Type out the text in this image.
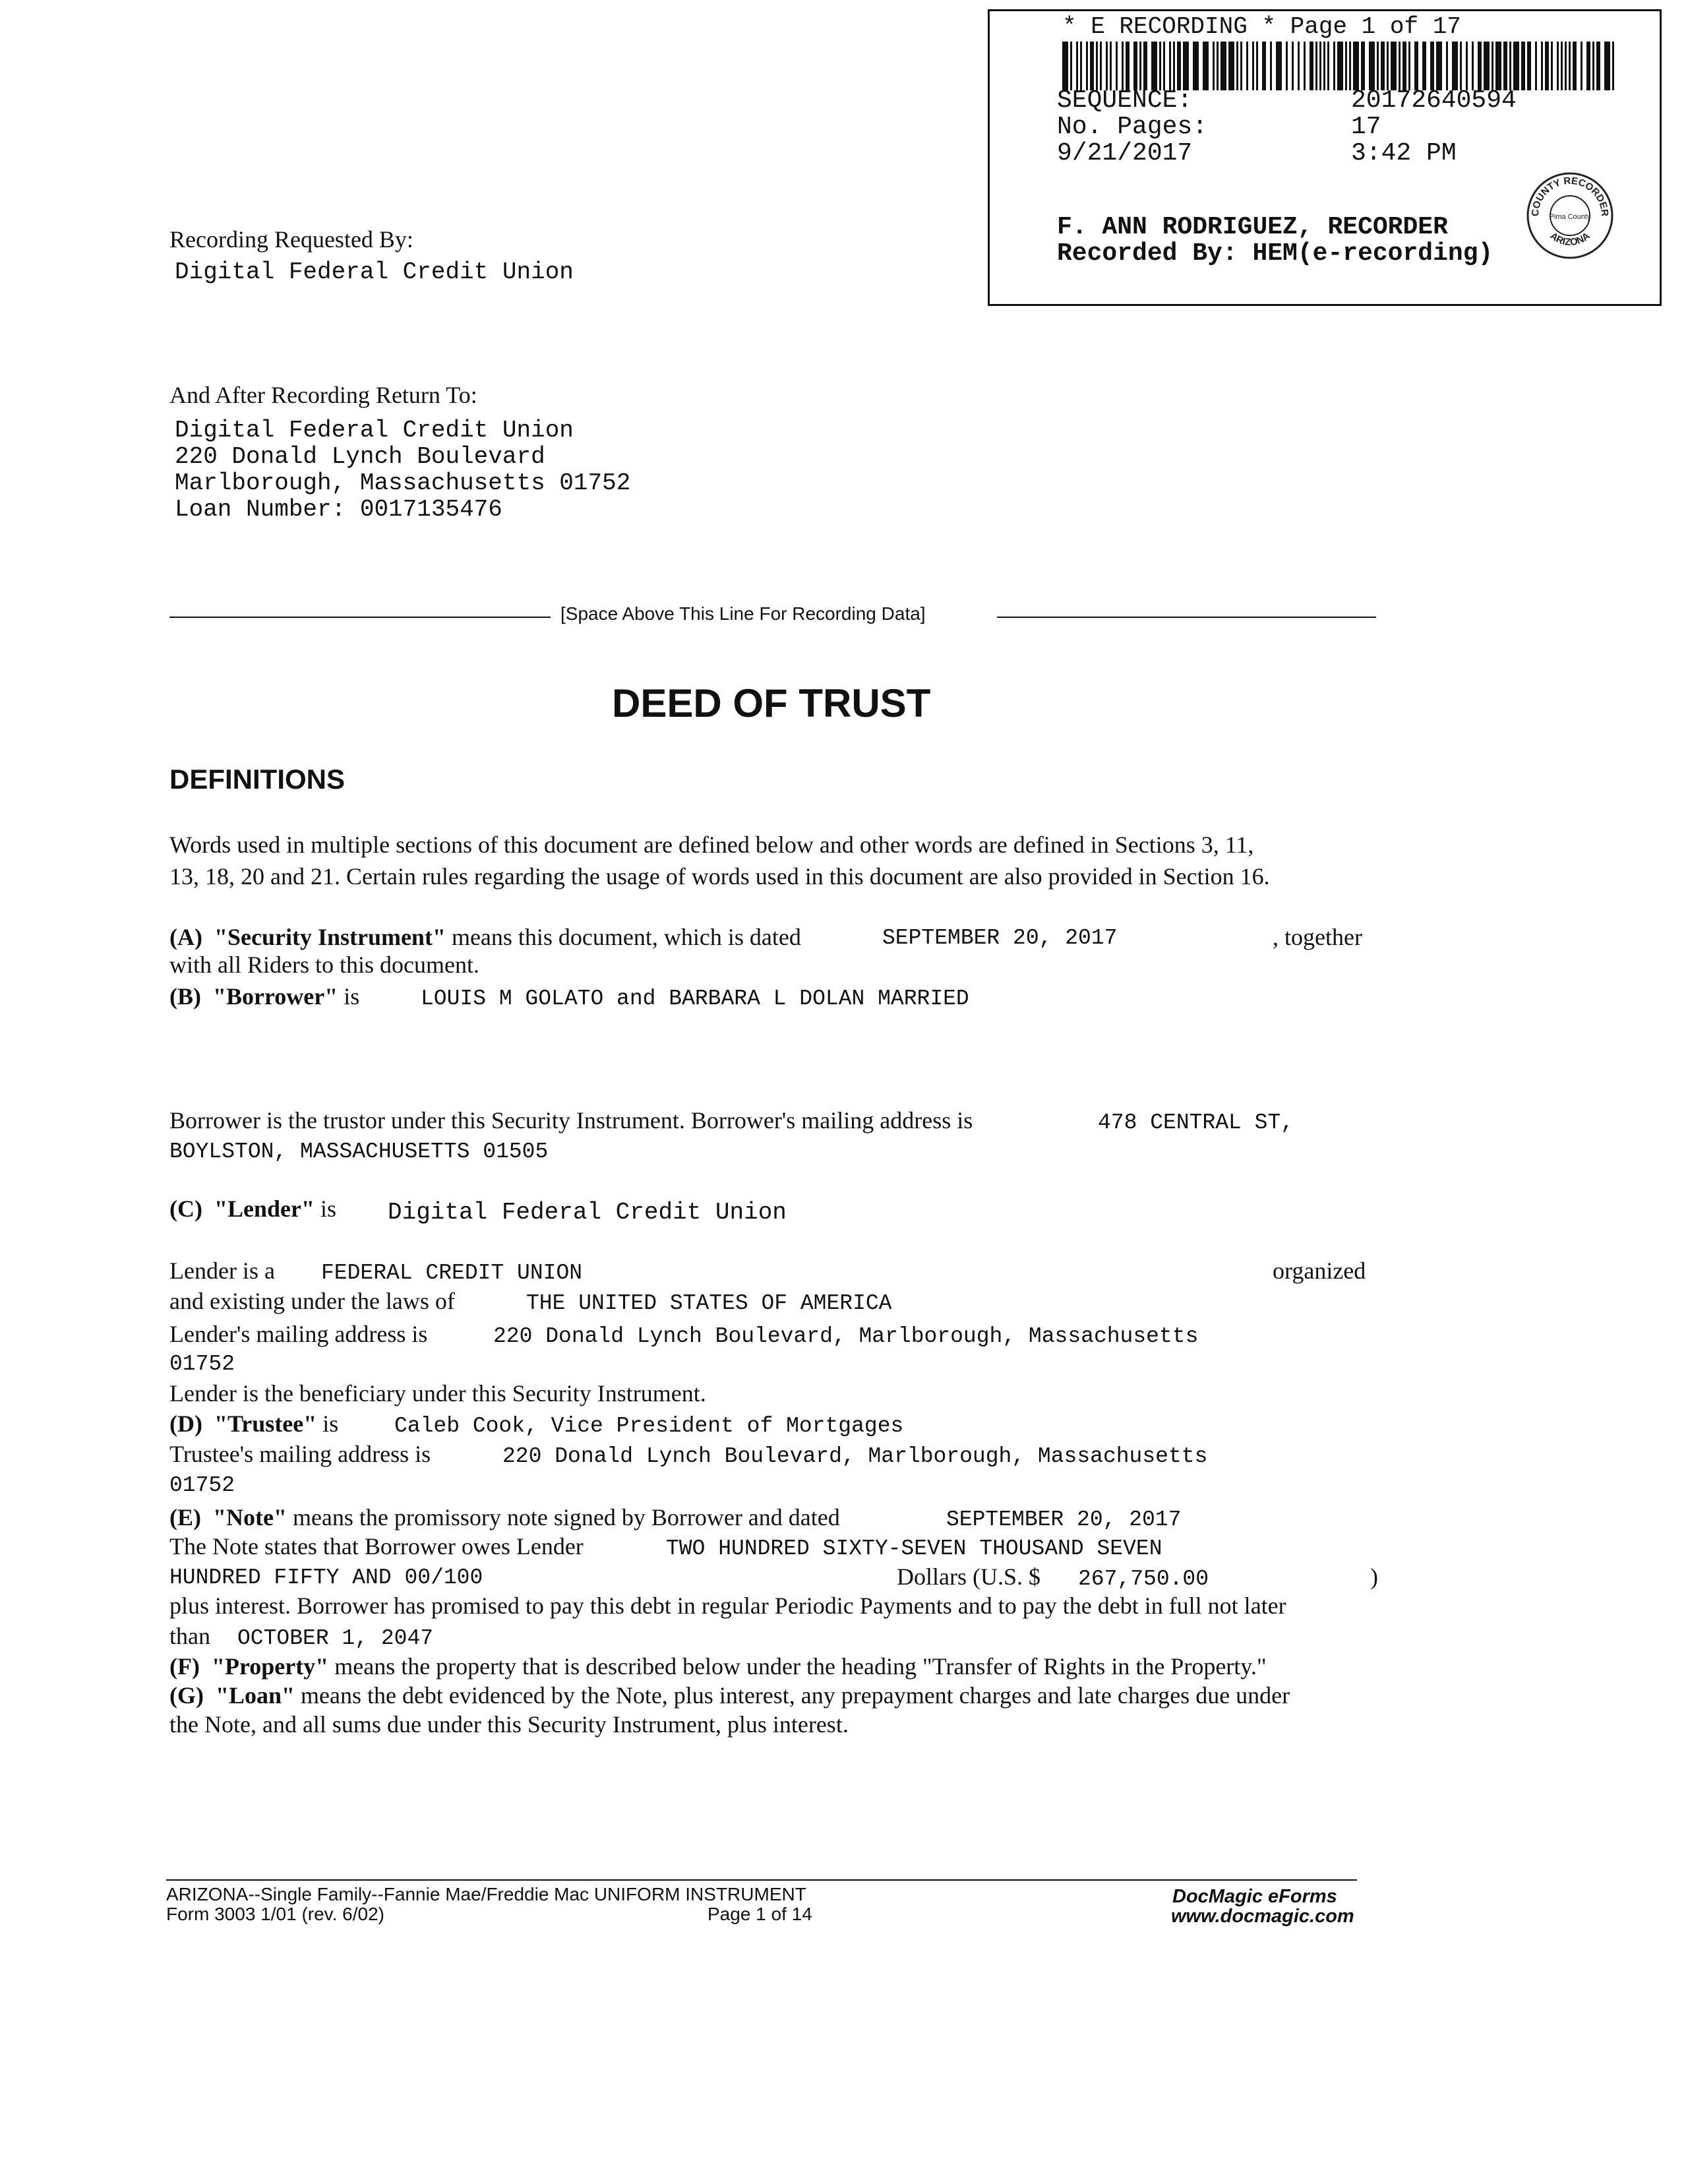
* E RECORDING * Page 1 of 17
SEQUENCE:	20172640594
No. Pages:	17
9/21/2017	3:42 PM
F. ANN RODRIGUEZ, RECORDER
Recorded By: HEM(e-recording)
COUNTY RECORDER
ARIZONA
Pima County
Recording Requested By:
Digital Federal Credit Union
And After Recording Return To:
Digital Federal Credit Union
220 Donald Lynch Boulevard
Marlborough, Massachusetts 01752
Loan Number: 0017135476
[Space Above This Line For Recording Data]
DEED OF TRUST
DEFINITIONS
Words used in multiple sections of this document are defined below and other words are defined in Sections 3, 11,
13, 18, 20 and 21. Certain rules regarding the usage of words used in this document are also provided in Section 16.
(A) "Security Instrument" means this document, which is dated	SEPTEMBER 20, 2017	, together
with all Riders to this document.
(B) "Borrower" is	LOUIS M GOLATO and BARBARA L DOLAN MARRIED
Borrower is the trustor under this Security Instrument. Borrower's mailing address is	478 CENTRAL ST,
BOYLSTON, MASSACHUSETTS 01505
(C) "Lender" is Digital Federal Credit Union
Lender is a FEDERAL CREDIT UNION	organized
and existing under the laws of	THE UNITED STATES OF AMERICA
Lender's mailing address is	220 Donald Lynch Boulevard, Marlborough, Massachusetts
01752
Lender is the beneficiary under this Security Instrument.
(D) "Trustee" is	Caleb Cook, Vice President of Mortgages
Trustee's mailing address is	220 Donald Lynch Boulevard, Marlborough, Massachusetts
01752
(E) "Note" means the promissory note signed by Borrower and dated	SEPTEMBER 20, 2017
The Note states that Borrower owes Lender	TWO HUNDRED SIXTY-SEVEN THOUSAND SEVEN
HUNDRED FIFTY AND 00/100	Dollars (U.S. $ 267,750.00	)
plus interest. Borrower has promised to pay this debt in regular Periodic Payments and to pay the debt in full not later
than OCTOBER 1, 2047
(F) "Property" means the property that is described below under the heading "Transfer of Rights in the Property."
(G) "Loan" means the debt evidenced by the Note, plus interest, any prepayment charges and late charges due under
the Note, and all sums due under this Security Instrument, plus interest.
ARIZONA--Single Family--Fannie Mae/Freddie Mac UNIFORM INSTRUMENT
Form 3003 1/01 (rev. 6/02)	Page 1 of 14
DocMagic eForms
www.docmagic.com
